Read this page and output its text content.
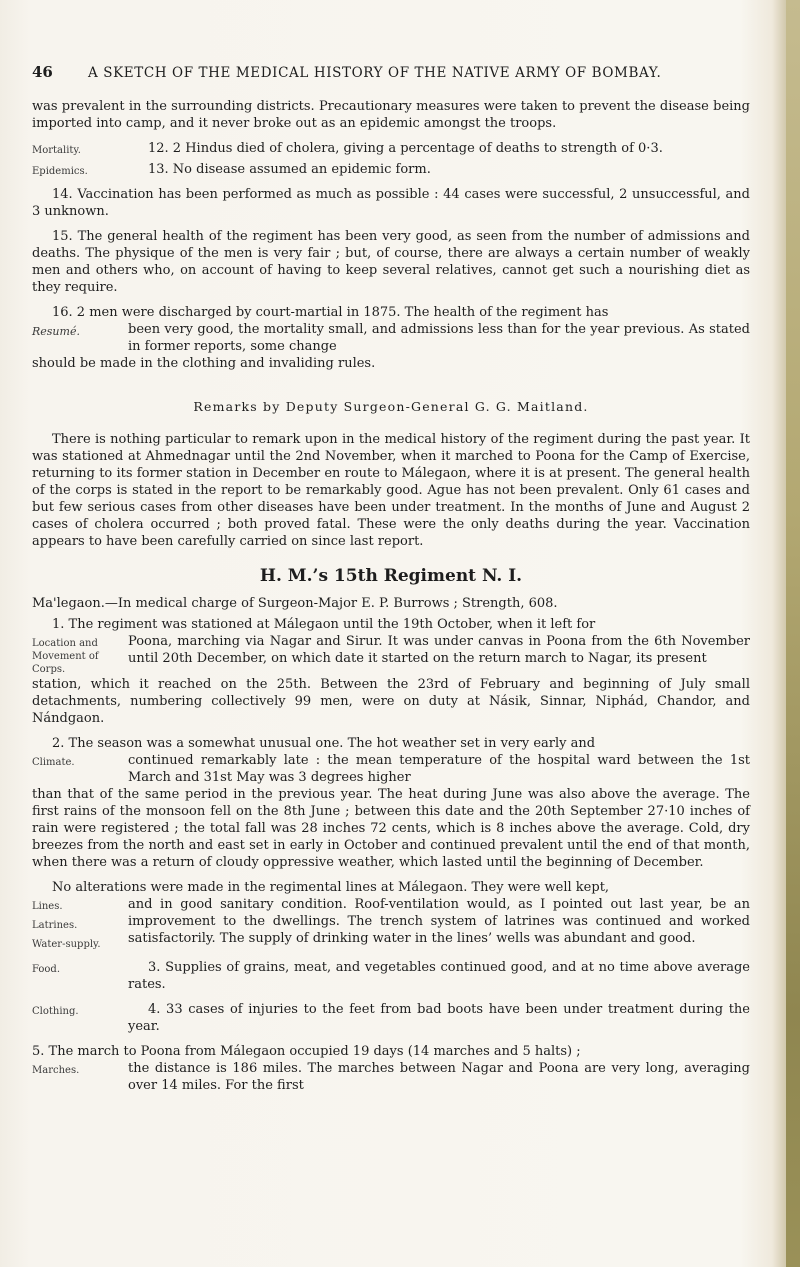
46	A SKETCH OF THE MEDICAL HISTORY OF THE NATIVE ARMY OF BOMBAY.

was prevalent in the surrounding districts. Precautionary measures were taken to prevent the disease being imported into camp, and it never broke out as an epidemic amongst the troops.

Mortality.	12. 2 Hindus died of cholera, giving a percentage of deaths to strength of 0·3.

Epidemics.	13. No disease assumed an epidemic form.

14. Vaccination has been performed as much as possible : 44 cases were successful, 2 unsuccessful, and 3 unknown.

15. The general health of the regiment has been very good, as seen from the number of admissions and deaths. The physique of the men is very fair ; but, of course, there are always a certain number of weakly men and others who, on account of having to keep several relatives, cannot get such a nourishing diet as they require.

16. 2 men were discharged by court-martial in 1875. The health of the regiment has

Resumé.	been very good, the mortality small, and admissions less than for the year previous. As stated in former reports, some change

should be made in the clothing and invaliding rules.

Remarks by Deputy Surgeon-General G. G. Maitland.

There is nothing particular to remark upon in the medical history of the regiment during the past year. It was stationed at Ahmednagar until the 2nd November, when it marched to Poona for the Camp of Exercise, returning to its former station in December en route to Málegaon, where it is at present. The general health of the corps is stated in the report to be remarkably good. Ague has not been prevalent. Only 61 cases and but few serious cases from other diseases have been under treatment. In the months of June and August 2 cases of cholera occurred ; both proved fatal. These were the only deaths during the year. Vaccination appears to have been carefully carried on since last report.

H. M.’s 15th Regiment N. I.

Ma'legaon.—In medical charge of Surgeon-Major E. P. Burrows ; Strength, 608.

1. The regiment was stationed at Málegaon until the 19th October, when it left for

Location and Movement of Corps.

Poona, marching via Nagar and Sirur. It was under canvas in Poona from the 6th November until 20th December, on which date it started on the return march to Nagar, its present

station, which it reached on the 25th. Between the 23rd of February and beginning of July small detachments, numbering collectively 99 men, were on duty at Násik, Sinnar, Niphád, Chandor, and Nándgaon.

2. The season was a somewhat unusual one. The hot weather set in very early and

Climate.	continued remarkably late : the mean temperature of the hospital ward between the 1st March and 31st May was 3 degrees higher

than that of the same period in the previous year. The heat during June was also above the average. The first rains of the monsoon fell on the 8th June ; between this date and the 20th September 27·10 inches of rain were registered ; the total fall was 28 inches 72 cents, which is 8 inches above the average. Cold, dry breezes from the north and east set in early in October and continued prevalent until the end of that month, when there was a return of cloudy oppressive weather, which lasted until the beginning of December.

No alterations were made in the regimental lines at Málegaon. They were well kept,

Lines.
Latrines.
Water-supply.

and in good sanitary condition. Roof-ventilation would, as I pointed out last year, be an improvement to the dwellings. The trench system of latrines was continued and worked satisfactorily. The supply of drinking water in the lines’ wells was abundant and good.

Food.	3. Supplies of grains, meat, and vegetables continued good, and at no time above average rates.

Clothing.	4. 33 cases of injuries to the feet from bad boots have been under treatment during the year.

5. The march to Poona from Málegaon occupied 19 days (14 marches and 5 halts) ;

Marches.	the distance is 186 miles. The marches between Nagar and Poona are very long, averaging over 14 miles. For the first
